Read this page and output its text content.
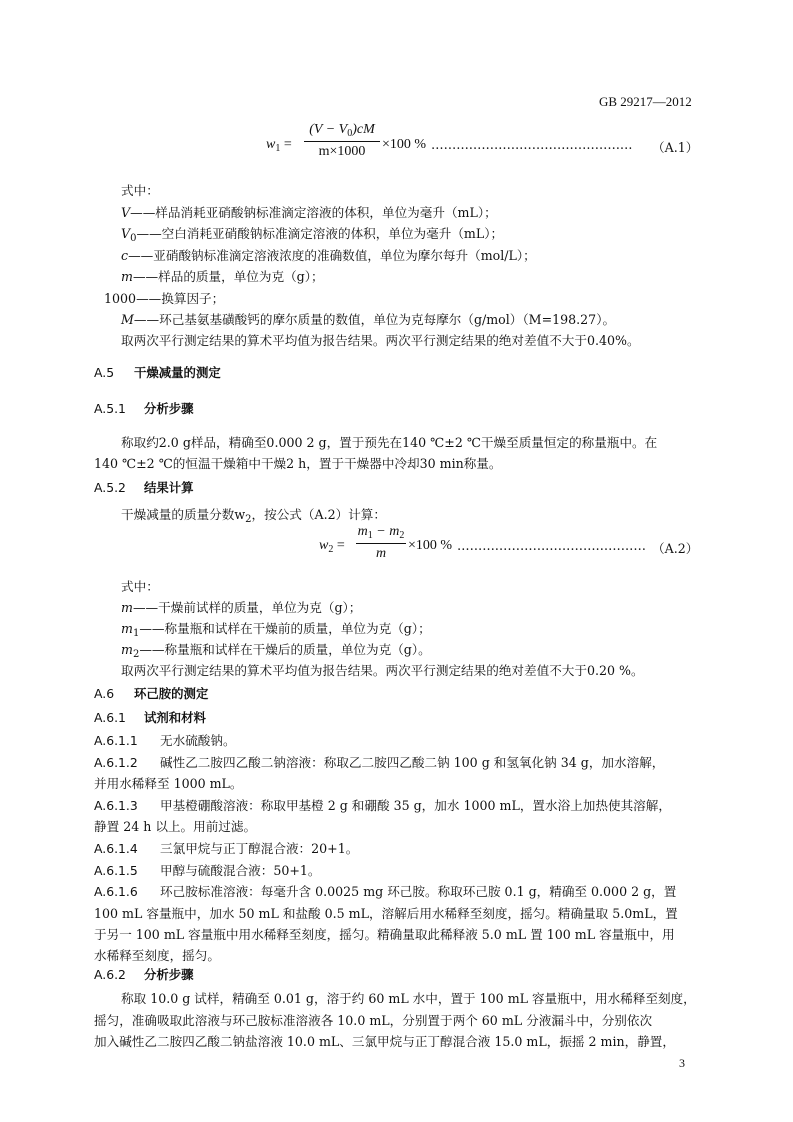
GB 29217—2012
$w_1$ =
$(V - V_0)cM$
m×1000	×100 % …………………………………………	（A.1）
式中：
V——样品消耗亚硝酸钠标准滴定溶液的体积，单位为毫升（mL）；
$V_0——$空白消耗亚硝酸钠标准滴定溶液的体积，单位为毫升（mL）；
c——亚硝酸钠标准滴定溶液浓度的准确数值，单位为摩尔每升（mol/L）；
m——样品的质量，单位为克（g）；
1000——换算因子；
M——环己基氨基磺酸钙的摩尔质量的数值，单位为克每摩尔（g/mol）（M=198.27）。
取两次平行测定结果的算术平均值为报告结果。两次平行测定结果的绝对差值不大于0.40%。
A.5 干燥减量的测定
A.5.1 分析步骤
称取约2.0 g样品，精确至0.000 2 g，置于预先在140 ℃±2 ℃干燥至质量恒定的称量瓶中。在
140 ℃±2 ℃的恒温干燥箱中干燥2 h，置于干燥器中冷却30 min称量。
A.5.2 结果计算
干燥减量的质量分数$w_2$，按公式（A.2）计算：
$w_2$ =
$m_1 - m_2$
m
×100 % ……………………………………… （A.2）
式中：
m——干燥前试样的质量，单位为克（g）；
$m_1——$称量瓶和试样在干燥前的质量，单位为克（g）；
$m_2——$称量瓶和试样在干燥后的质量，单位为克（g）。
取两次平行测定结果的算术平均值为报告结果。两次平行测定结果的绝对差值不大于0.20 %。
A.6 环己胺的测定
A.6.1 试剂和材料
A.6.1.1 无水硫酸钠。
A.6.1.2 碱性乙二胺四乙酸二钠溶液：称取乙二胺四乙酸二钠 100 g 和氢氧化钠 34 g，加水溶解，
并用水稀释至 1000 mL。
A.6.1.3 甲基橙硼酸溶液：称取甲基橙 2 g 和硼酸 35 g，加水 1000 mL，置水浴上加热使其溶解，
静置 24 h 以上。用前过滤。
A.6.1.4 三氯甲烷与正丁醇混合液：20+1。
A.6.1.5 甲醇与硫酸混合液：50+1。
A.6.1.6 环己胺标准溶液：每毫升含 0.0025 mg 环己胺。称取环己胺 0.1 g，精确至 0.000 2 g，置
100 mL 容量瓶中，加水 50 mL 和盐酸 0.5 mL，溶解后用水稀释至刻度，摇匀。精确量取 5.0mL，置
于另一 100 mL 容量瓶中用水稀释至刻度，摇匀。精确量取此稀释液 5.0 mL 置 100 mL 容量瓶中，用
水稀释至刻度，摇匀。
A.6.2 分析步骤
称取 10.0 g 试样，精确至 0.01 g，溶于约 60 mL 水中，置于 100 mL 容量瓶中，用水稀释至刻度，
摇匀，准确吸取此溶液与环己胺标准溶液各 10.0 mL，分别置于两个 60 mL 分液漏斗中，分别依次
加入碱性乙二胺四乙酸二钠盐溶液 10.0 mL、三氯甲烷与正丁醇混合液 15.0 mL，振摇 2 min，静置，
3
